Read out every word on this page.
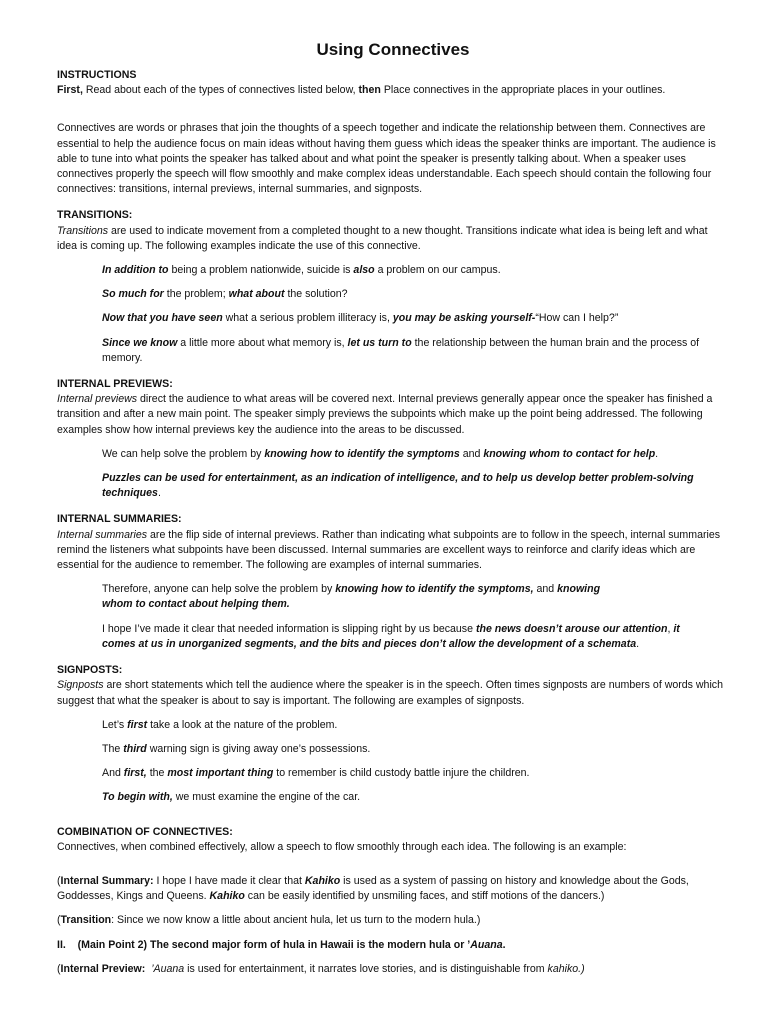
Using Connectives

INSTRUCTIONS

First, Read about each of the types of connectives listed below, then Place connectives in the appropriate places in your outlines.

Connectives are words or phrases that join the thoughts of a speech together and indicate the relationship between them. Connectives are essential to help the audience focus on main ideas without having them guess which ideas the speaker thinks are important. The audience is able to tune into what points the speaker has talked about and what point the speaker is presently talking about. When a speaker uses connectives properly the speech will flow smoothly and make complex ideas understandable. Each speech should contain the following four connectives: transitions, internal previews, internal summaries, and signposts.

TRANSITIONS:

Transitions are used to indicate movement from a completed thought to a new thought. Transitions indicate what idea is being left and what idea is coming up. The following examples indicate the use of this connective.

In addition to being a problem nationwide, suicide is also a problem on our campus.

So much for the problem; what about the solution?

Now that you have seen what a serious problem illiteracy is, you may be asking yourself-“How can I help?”

Since we know a little more about what memory is, let us turn to the relationship between the human brain and the process of memory.

INTERNAL PREVIEWS:

Internal previews direct the audience to what areas will be covered next. Internal previews generally appear once the speaker has finished a transition and after a new main point. The speaker simply previews the subpoints which make up the point being addressed. The following examples show how internal previews key the audience into the areas to be discussed.

We can help solve the problem by knowing how to identify the symptoms and knowing whom to contact for help.

Puzzles can be used for entertainment, as an indication of intelligence, and to help us develop better problem-solving techniques.

INTERNAL SUMMARIES:

Internal summaries are the flip side of internal previews. Rather than indicating what subpoints are to follow in the speech, internal summaries remind the listeners what subpoints have been discussed. Internal summaries are excellent ways to reinforce and clarify ideas which are essential for the audience to remember. The following are examples of internal summaries.

Therefore, anyone can help solve the problem by knowing how to identify the symptoms, and knowing whom to contact about helping them.

I hope I’ve made it clear that needed information is slipping right by us because the news doesn’t arouse our attention, it comes at us in unorganized segments, and the bits and pieces don’t allow the development of a schemata.

SIGNPOSTS:

Signposts are short statements which tell the audience where the speaker is in the speech. Often times signposts are numbers of words which suggest that what the speaker is about to say is important. The following are examples of signposts.

Let’s first take a look at the nature of the problem.

The third warning sign is giving away one’s possessions.

And first, the most important thing to remember is child custody battle injure the children.

To begin with, we must examine the engine of the car.

COMBINATION OF CONNECTIVES:

Connectives, when combined effectively, allow a speech to flow smoothly through each idea. The following is an example:

(Internal Summary: I hope I have made it clear that Kahiko is used as a system of passing on history and knowledge about the Gods, Goddesses, Kings and Queens. Kahiko can be easily identified by unsmiling faces, and stiff motions of the dancers.)

(Transition: Since we now know a little about ancient hula, let us turn to the modern hula.)

II.    (Main Point 2) The second major form of hula in Hawaii is the modern hula or ’Auana.

(Internal Preview: ’Auana is used for entertainment, it narrates love stories, and is distinguishable from kahiko.)
